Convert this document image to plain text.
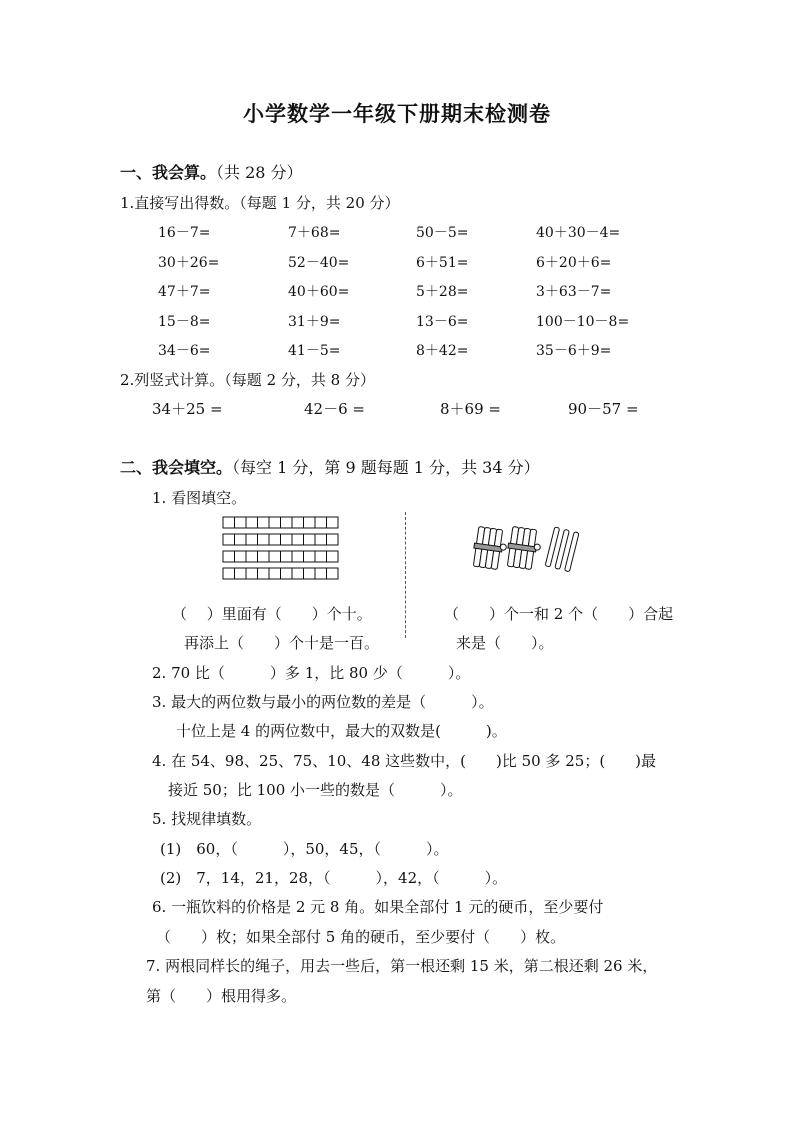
小学数学一年级下册期末检测卷
一、我会算。（共 28 分）
1.直接写出得数。（每题 1 分，共 20 分）
16－7=	7＋68=	50－5=	40＋30－4=
30＋26=	52－40=	6＋51=	6＋20＋6=
47＋7=	40＋60=	5＋28=	3＋63－7=
15－8=	31＋9=	13－6=	100－10－8=
34－6=	41－5=	8＋42=	35－6＋9=
2.列竖式计算。（每题 2 分，共 8 分）
34＋25 =	42－6 =	8＋69 =	90－57 =
二、我会填空。（每空 1 分，第 9 题每题 1 分，共 34 分）
1. 看图填空。
（　 ）里面有（　　）个十。
再添上（　　）个十是一百。
（　　）个一和 2 个（　　）合起
来是（　　）。
2. 70 比（　　　）多 1，比 80 少（　　　）。
3. 最大的两位数与最小的两位数的差是（　　　）。
十位上是 4 的两位数中，最大的双数是(　　　)。
4. 在 54、98、25、75、10、48 这些数中，(　　)比 50 多 25；(　　)最
接近 50；比 100 小一些的数是（　　　）。
5. 找规律填数。
(1)　60，（　　　），50，45，（　　　）。
(2)　7，14，21，28，（　　　），42，（　　　）。
6. 一瓶饮料的价格是 2 元 8 角。如果全部付 1 元的硬币，至少要付
（　　）枚；如果全部付 5 角的硬币，至少要付（　　）枚。
7. 两根同样长的绳子，用去一些后，第一根还剩 15 米，第二根还剩 26 米，
第（　　）根用得多。
